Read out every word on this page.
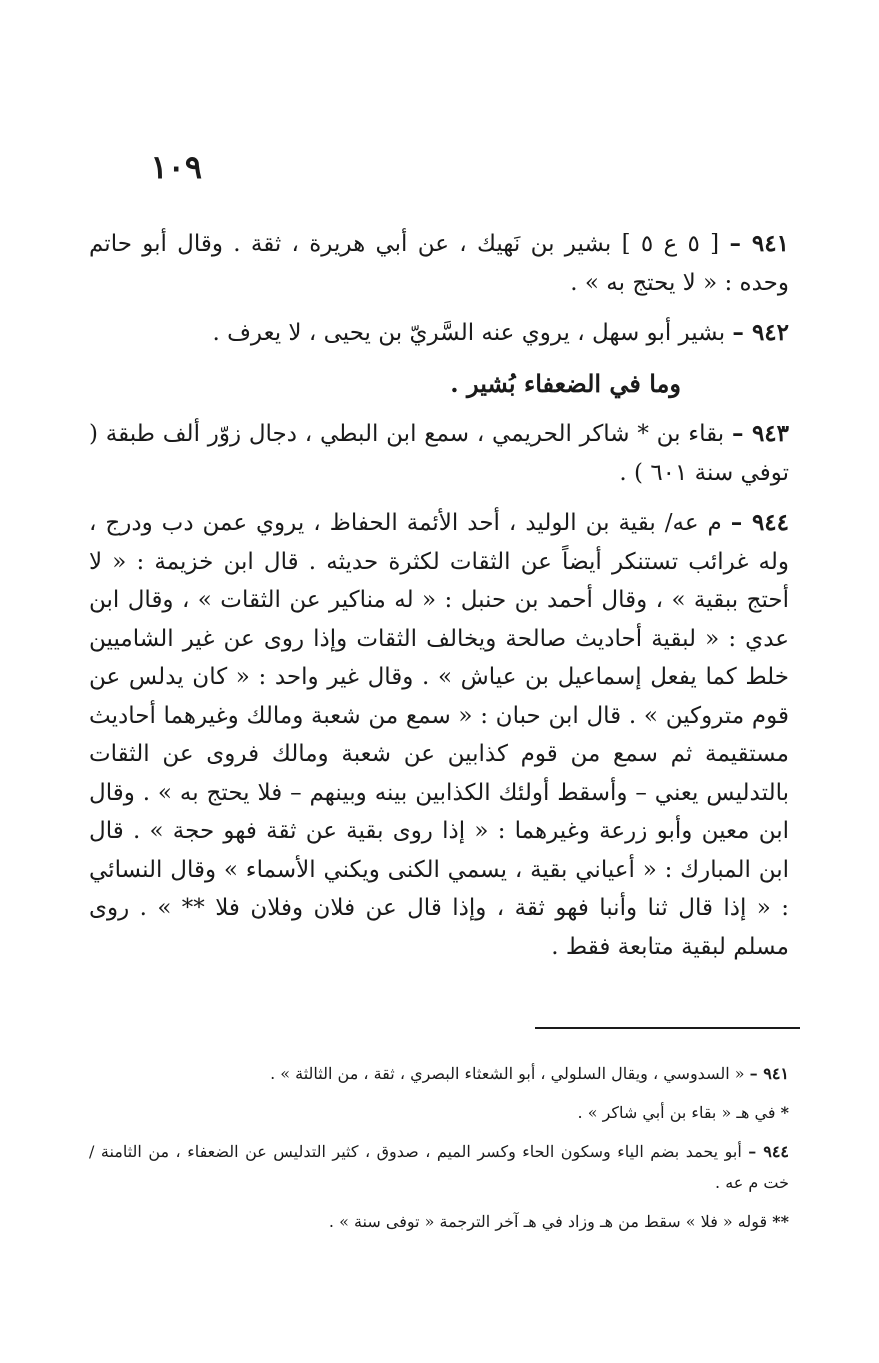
١٠٩

٩٤١ – [ ٥ ع ٥ ] بشير بن نَهيك ، عن أبي هريرة ، ثقة . وقال أبو حاتم وحده : « لا يحتج به » .

٩٤٢ – بشير أبو سهل ، يروي عنه السَّريّ بن يحيى ، لا يعرف .

وما في الضعفاء بُشير .

٩٤٣ – بقاء بن * شاكر الحريمي ، سمع ابن البطي ، دجال زوّر ألف طبقة ( توفي سنة ٦٠١ ) .

٩٤٤ – م عه/ بقية بن الوليد ، أحد الأئمة الحفاظ ، يروي عمن دب ودرج ، وله غرائب تستنكر أيضاً عن الثقات لكثرة حديثه . قال ابن خزيمة : « لا أحتج ببقية » ، وقال أحمد بن حنبل : « له مناكير عن الثقات » ، وقال ابن عدي : « لبقية أحاديث صالحة ويخالف الثقات وإذا روى عن غير الشاميين خلط كما يفعل إسماعيل بن عياش » . وقال غير واحد : « كان يدلس عن قوم متروكين » . قال ابن حبان : « سمع من شعبة ومالك وغيرهما أحاديث مستقيمة ثم سمع من قوم كذابين عن شعبة ومالك فروى عن الثقات بالتدليس يعني – وأسقط أولئك الكذابين بينه وبينهم – فلا يحتج به » . وقال ابن معين وأبو زرعة وغيرهما : « إذا روى بقية عن ثقة فهو حجة » . قال ابن المبارك : « أعياني بقية ، يسمي الكنى ويكني الأسماء » وقال النسائي : « إذا قال ثنا وأنبا فهو ثقة ، وإذا قال عن فلان وفلان فلا ** » . روى مسلم لبقية متابعة فقط .

٩٤١ – « السدوسي ، ويقال السلولي ، أبو الشعثاء البصري ، ثقة ، من الثالثة » .

* في هـ « بقاء بن أبي شاكر » .

٩٤٤ – أبو يحمد بضم الياء وسكون الحاء وكسر الميم ، صدوق ، كثير التدليس عن الضعفاء ، من الثامنة / خت م عه .

** قوله « فلا » سقط من هـ وزاد في هـ آخر الترجمة « توفى سنة » .
